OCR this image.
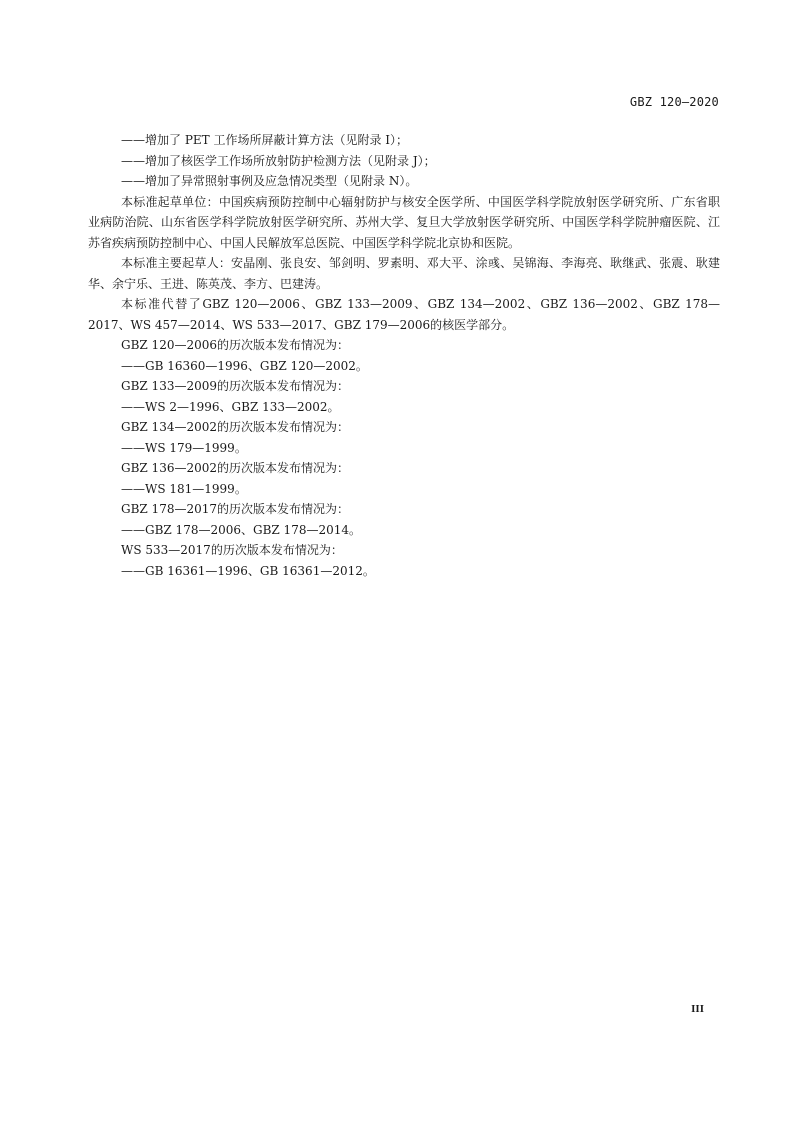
GBZ 120—2020
——增加了 PET 工作场所屏蔽计算方法（见附录 I）；
——增加了核医学工作场所放射防护检测方法（见附录 J）；
——增加了异常照射事例及应急情况类型（见附录 N）。
本标准起草单位：中国疾病预防控制中心辐射防护与核安全医学所、中国医学科学院放射医学研究所、广东省职业病防治院、山东省医学科学院放射医学研究所、苏州大学、复旦大学放射医学研究所、中国医学科学院肿瘤医院、江苏省疾病预防控制中心、中国人民解放军总医院、中国医学科学院北京协和医院。
本标准主要起草人：安晶刚、张良安、邹剑明、罗素明、邓大平、涂彧、吴锦海、李海亮、耿继武、张震、耿建华、余宁乐、王进、陈英茂、李方、巴建涛。
本标准代替了GBZ 120—2006、GBZ 133—2009、GBZ 134—2002、GBZ 136—2002、GBZ 178—2017、WS 457—2014、WS 533—2017、GBZ 179—2006的核医学部分。
GBZ 120—2006的历次版本发布情况为：
——GB 16360—1996、GBZ 120—2002。
GBZ 133—2009的历次版本发布情况为：
——WS 2—1996、GBZ 133—2002。
GBZ 134—2002的历次版本发布情况为：
——WS 179—1999。
GBZ 136—2002的历次版本发布情况为：
——WS 181—1999。
GBZ 178—2017的历次版本发布情况为：
——GBZ 178—2006、GBZ 178—2014。
WS 533—2017的历次版本发布情况为：
——GB 16361—1996、GB 16361—2012。
III
